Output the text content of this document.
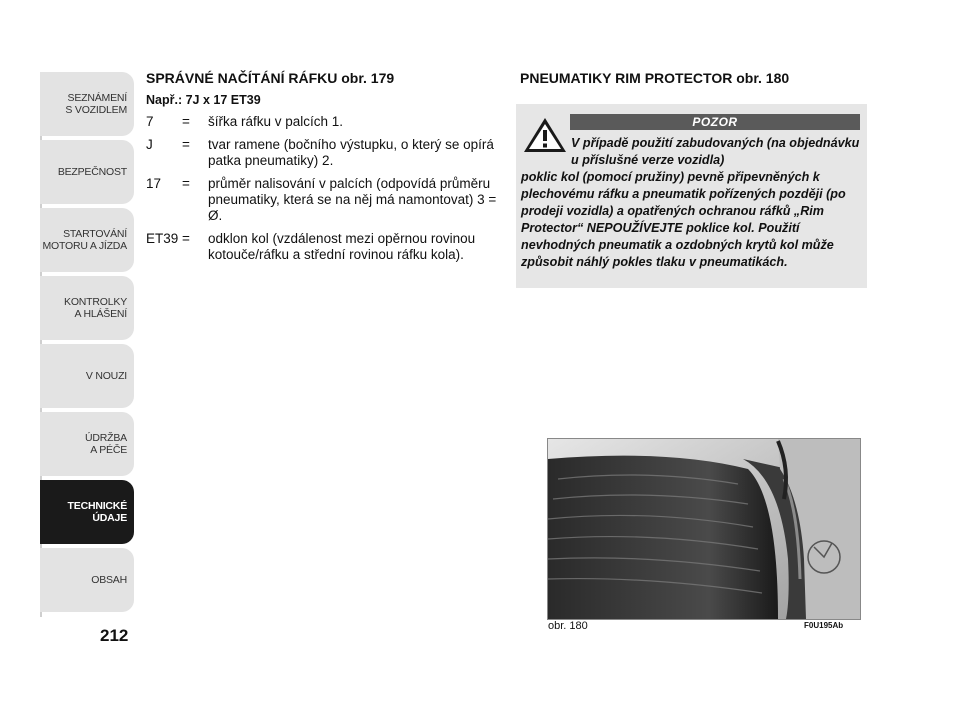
SEZNÁMENÍ
S VOZIDLEM
BEZPEČNOST
STARTOVÁNÍ
MOTORU A JÍZDA
KONTROLKY
A HLÁŠENÍ
V NOUZI
ÚDRŽBA
A PÉČE
TECHNICKÉ
ÚDAJE
OBSAH
212
SPRÁVNÉ NAČÍTÁNÍ RÁFKU obr. 179
Např.: 7J x 17 ET39
7	=	šířka ráfku v palcích 1.
J	=	tvar ramene (bočního výstupku, o který se opírá patka pneumatiky) 2.
17	=	průměr nalisování v palcích (odpovídá průměru pneumatiky, která se na něj má namontovat) 3 = Ø.
ET39 =	odklon kol (vzdálenost mezi opěrnou rovinou kotouče/ráfku a střední rovinou ráfku kola).
PNEUMATIKY RIM PROTECTOR obr. 180
POZOR
V případě použití zabudovaných (na objednávku u příslušné verze vozidla)
poklic kol (pomocí pružiny) pevně připevněných k plechovému ráfku a pneumatik pořízených později (po prodeji vozidla) a opatřených ochranou ráfků „Rim Protector“ NEPOUŽÍVEJTE poklice kol. Použití nevhodných pneumatik a ozdobných krytů kol může způsobit náhlý pokles tlaku v pneumatikách.
obr. 180	F0U195Ab
